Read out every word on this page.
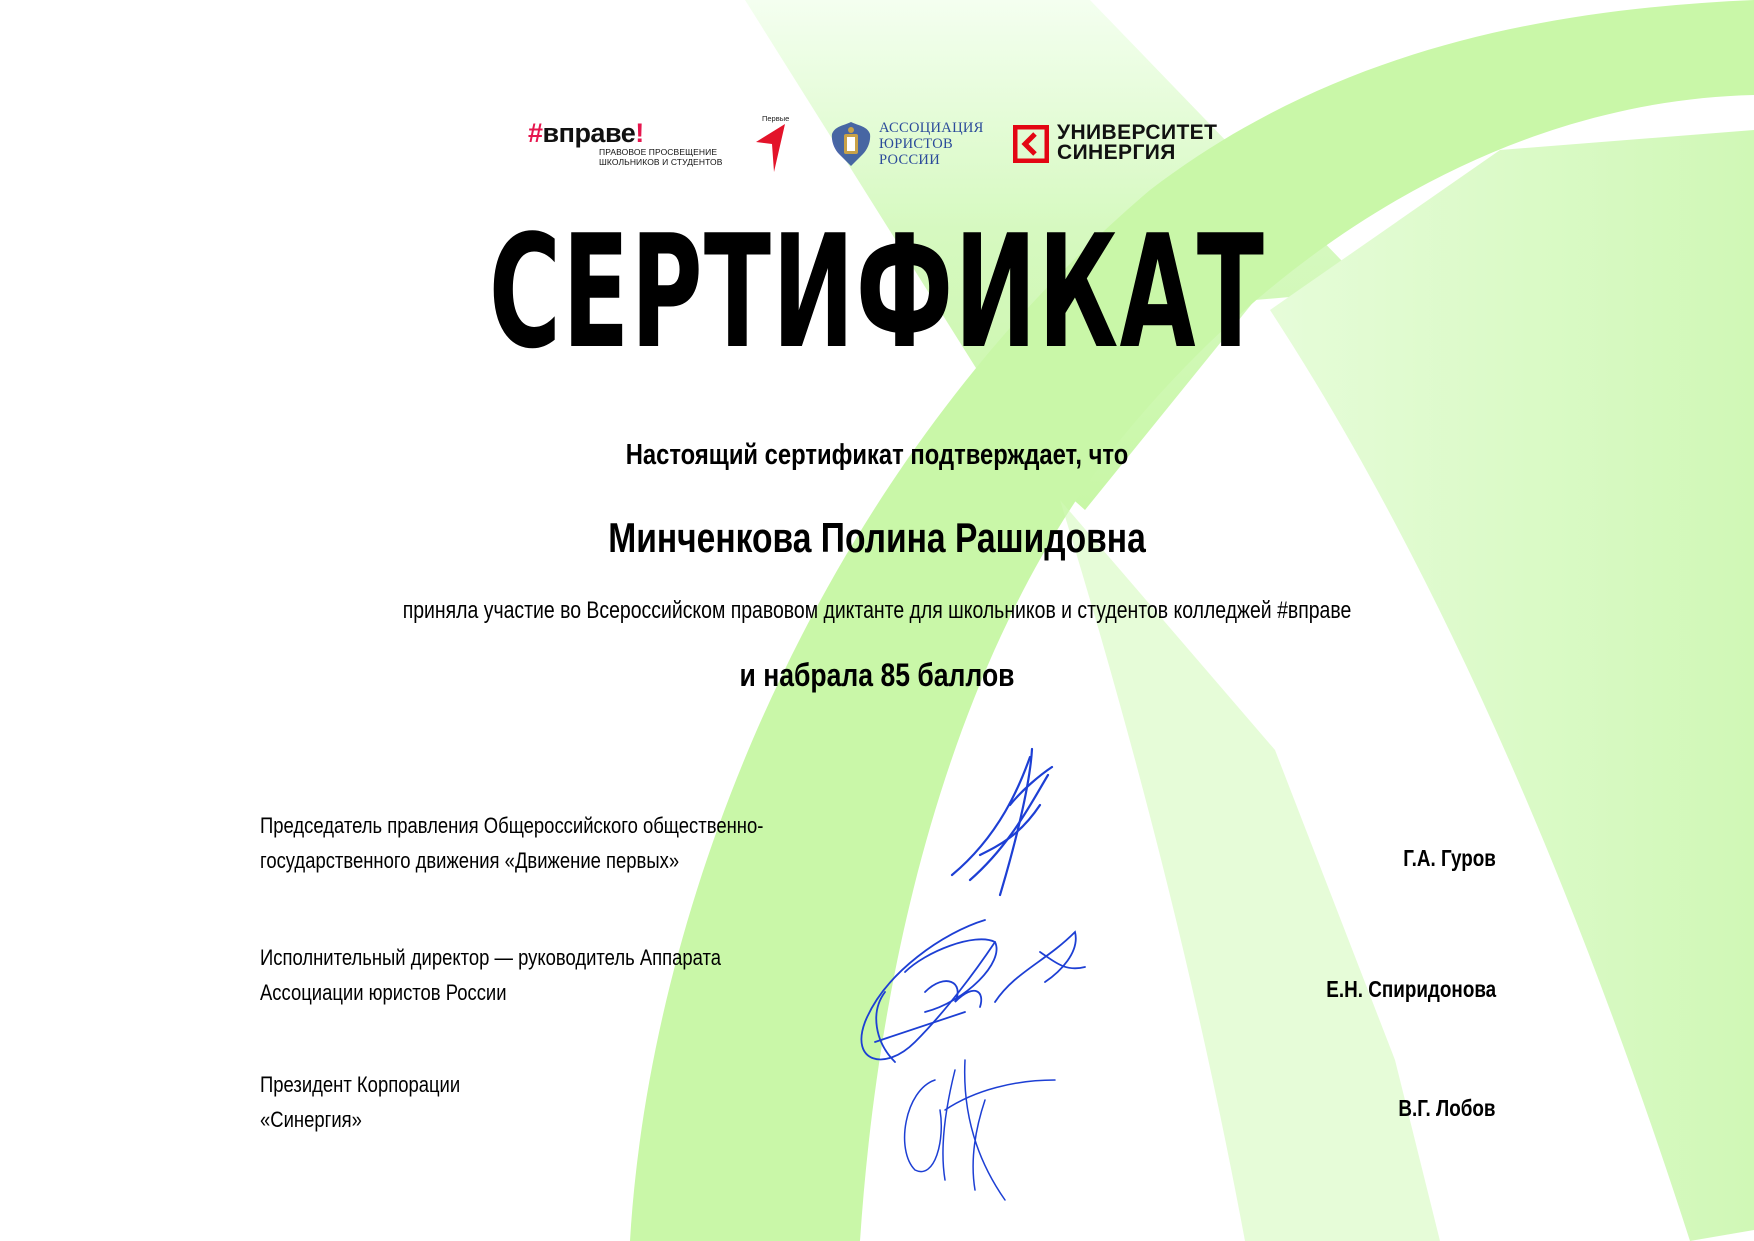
#вправе!
ПРАВОВОЕ ПРОСВЕЩЕНИЕ
ШКОЛЬНИКОВ И СТУДЕНТОВ
Первые
АССОЦИАЦИЯ
ЮРИСТОВ
РОССИИ
УНИВЕРСИТЕТ
СИНЕРГИЯ
СЕРТИФИКАТ
Настоящий сертификат подтверждает, что
Минченкова Полина Рашидовна
приняла участие во Всероссийском правовом диктанте для школьников и студентов колледжей #вправе
и набрала 85 баллов
Председатель правления Общероссийского общественно-
государственного движения «Движение первых»	Г.А. Гуров
Исполнительный директор — руководитель Аппарата
Ассоциации юристов России	Е.Н. Спиридонова
Президент Корпорации
«Синергия»	В.Г. Лобов
